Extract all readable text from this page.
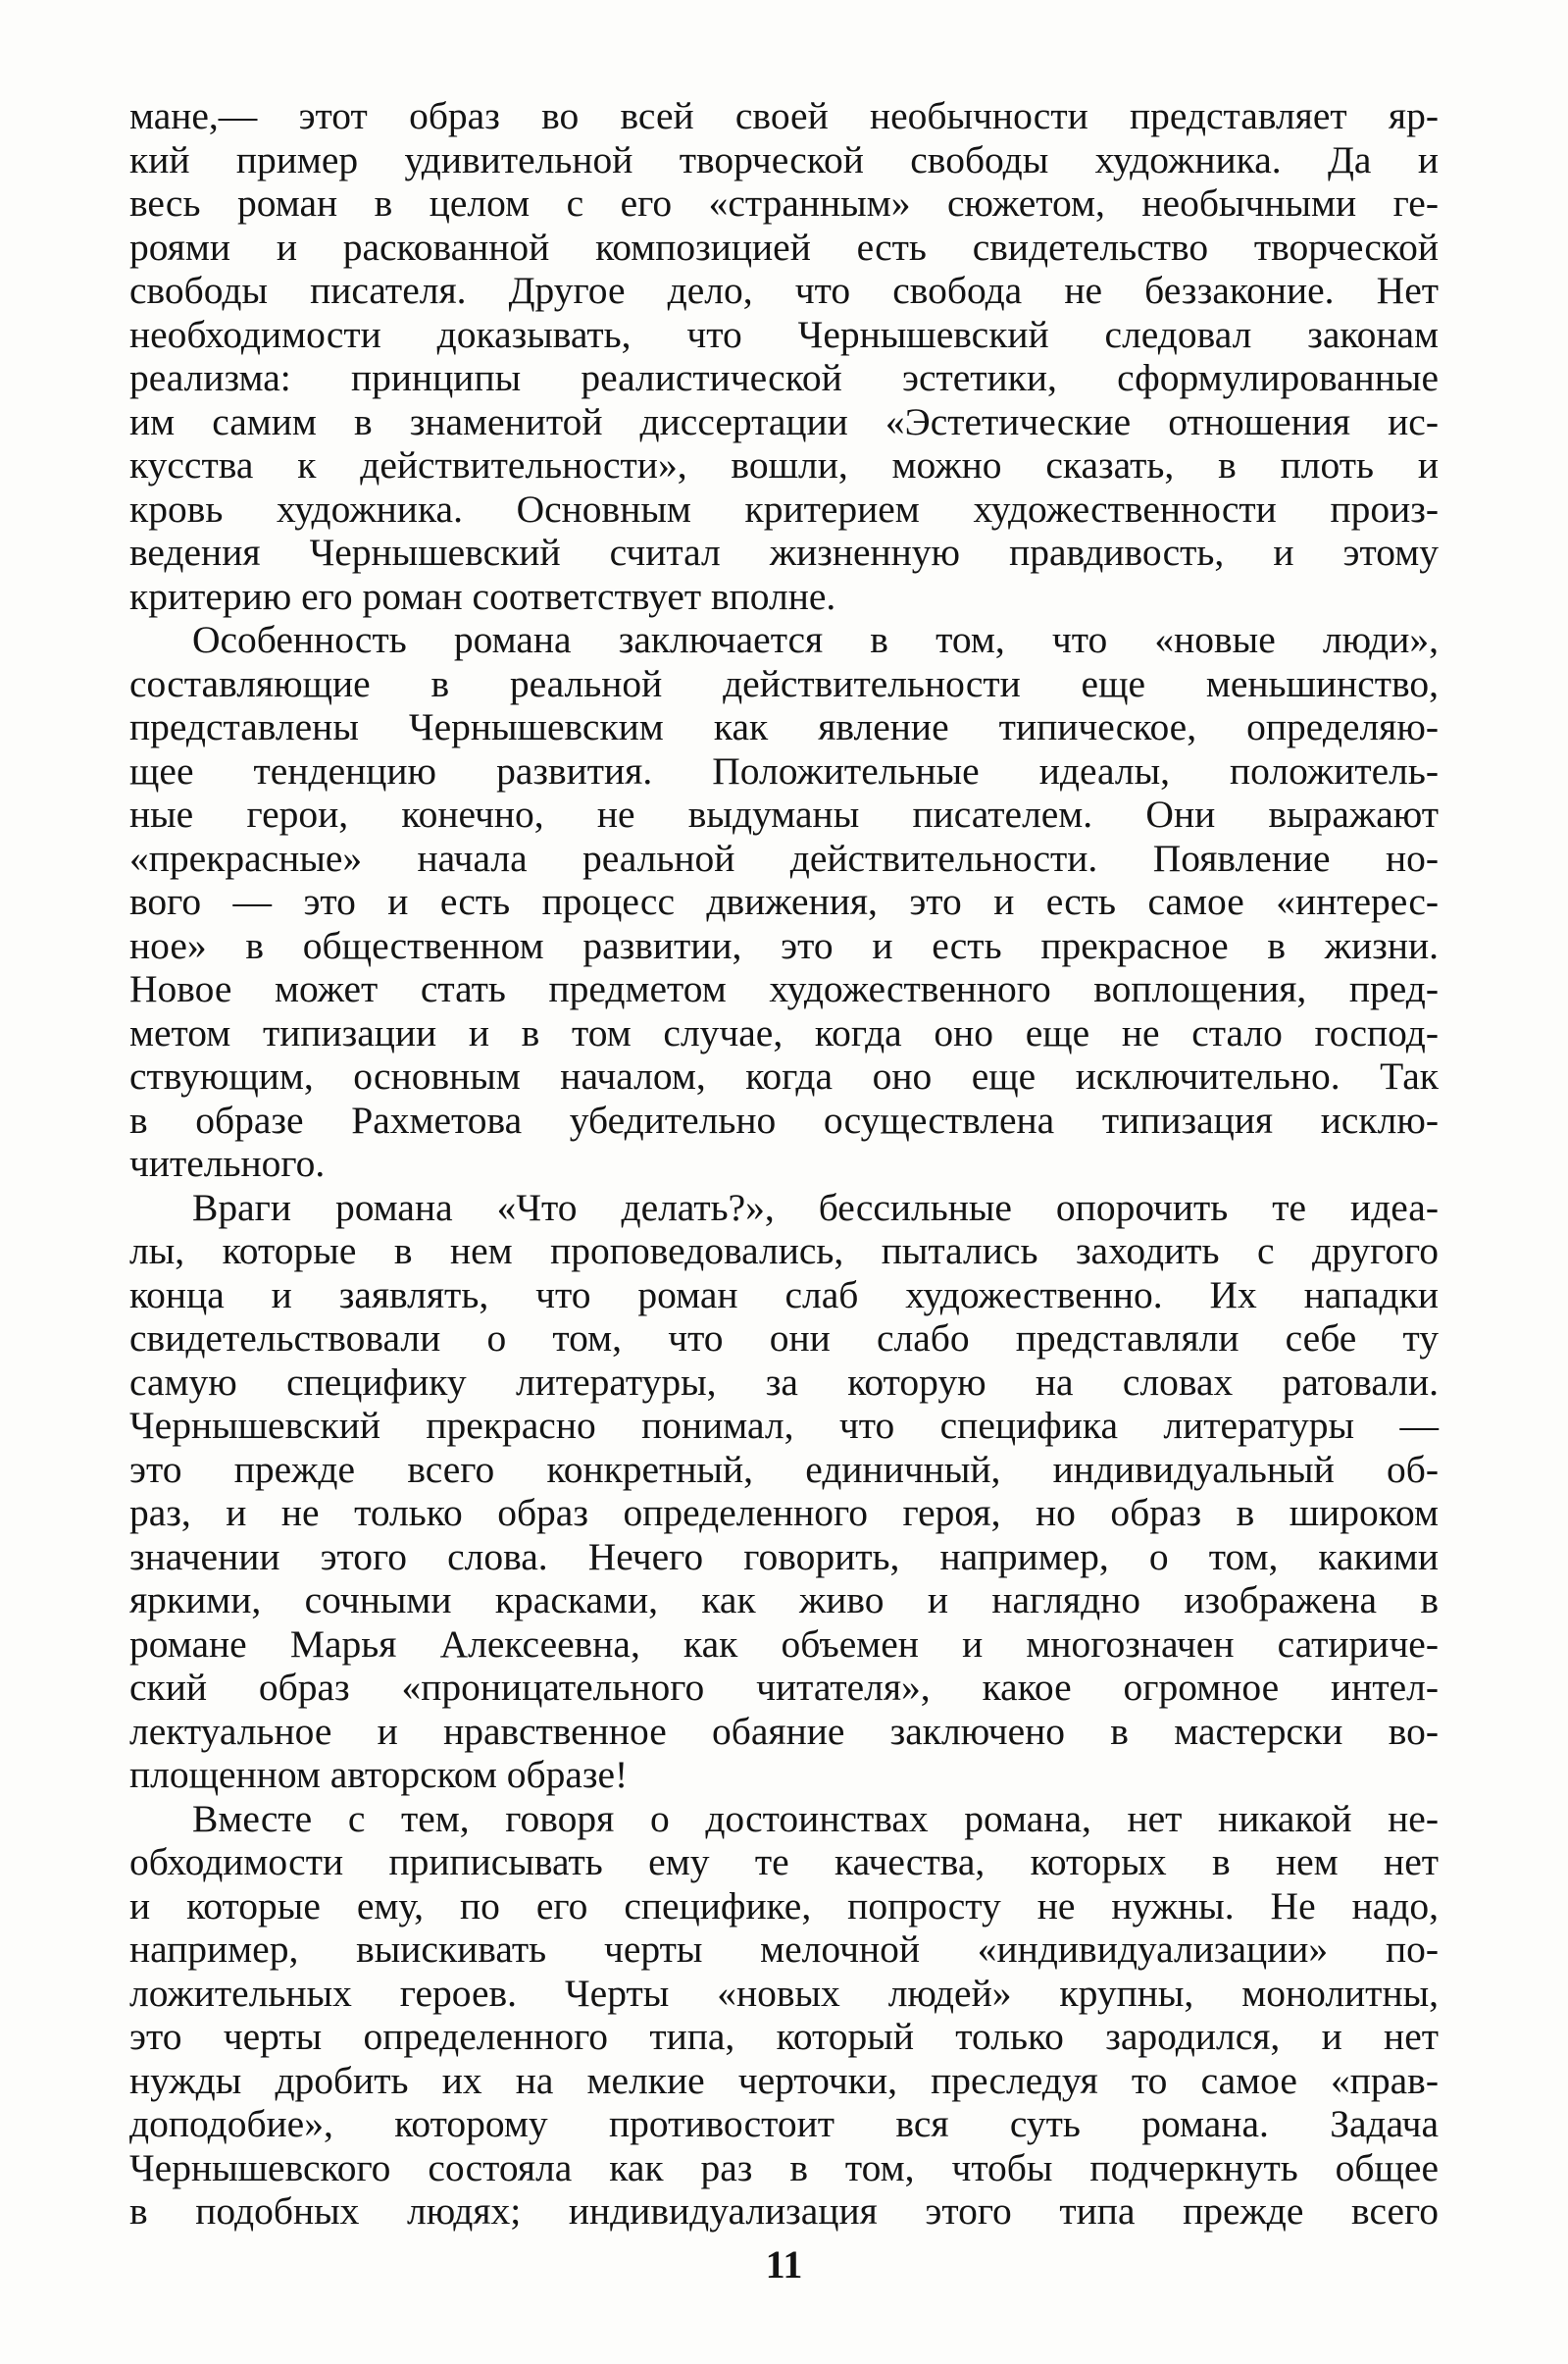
мане,— этот образ во всей своей необычности представляет яр-
кий пример удивительной творческой свободы художника. Да и
весь роман в целом с его «странным» сюжетом, необычными ге-
роями и раскованной композицией есть свидетельство творческой
свободы писателя. Другое дело, что свобода не беззаконие. Нет
необходимости доказывать, что Чернышевский следовал законам
реализма: принципы реалистической эстетики, сформулированные
им самим в знаменитой диссертации «Эстетические отношения ис-
кусства к действительности», вошли, можно сказать, в плоть и
кровь художника. Основным критерием художественности произ-
ведения Чернышевский считал жизненную правдивость, и этому
критерию его роман соответствует вполне.
Особенность романа заключается в том, что «новые люди»,
составляющие в реальной действительности еще меньшинство,
представлены Чернышевским как явление типическое, определяю-
щее тенденцию развития. Положительные идеалы, положитель-
ные герои, конечно, не выдуманы писателем. Они выражают
«прекрасные» начала реальной действительности. Появление но-
вого — это и есть процесс движения, это и есть самое «интерес-
ное» в общественном развитии, это и есть прекрасное в жизни.
Новое может стать предметом художественного воплощения, пред-
метом типизации и в том случае, когда оно еще не стало господ-
ствующим, основным началом, когда оно еще исключительно. Так
в образе Рахметова убедительно осуществлена типизация исклю-
чительного.
Враги романа «Что делать?», бессильные опорочить те идеа-
лы, которые в нем проповедовались, пытались заходить с другого
конца и заявлять, что роман слаб художественно. Их нападки
свидетельствовали о том, что они слабо представляли себе ту
самую специфику литературы, за которую на словах ратовали.
Чернышевский прекрасно понимал, что специфика литературы —
это прежде всего конкретный, единичный, индивидуальный об-
раз, и не только образ определенного героя, но образ в широком
значении этого слова. Нечего говорить, например, о том, какими
яркими, сочными красками, как живо и наглядно изображена в
романе Марья Алексеевна, как объемен и многозначен сатириче-
ский образ «проницательного читателя», какое огромное интел-
лектуальное и нравственное обаяние заключено в мастерски во-
площенном авторском образе!
Вместе с тем, говоря о достоинствах романа, нет никакой не-
обходимости приписывать ему те качества, которых в нем нет
и которые ему, по его специфике, попросту не нужны. Не надо,
например, выискивать черты мелочной «индивидуализации» по-
ложительных героев. Черты «новых людей» крупны, монолитны,
это черты определенного типа, который только зародился, и нет
нужды дробить их на мелкие черточки, преследуя то самое «прав-
доподобие», которому противостоит вся суть романа. Задача
Чернышевского состояла как раз в том, чтобы подчеркнуть общее
в подобных людях; индивидуализация этого типа прежде всего
11
